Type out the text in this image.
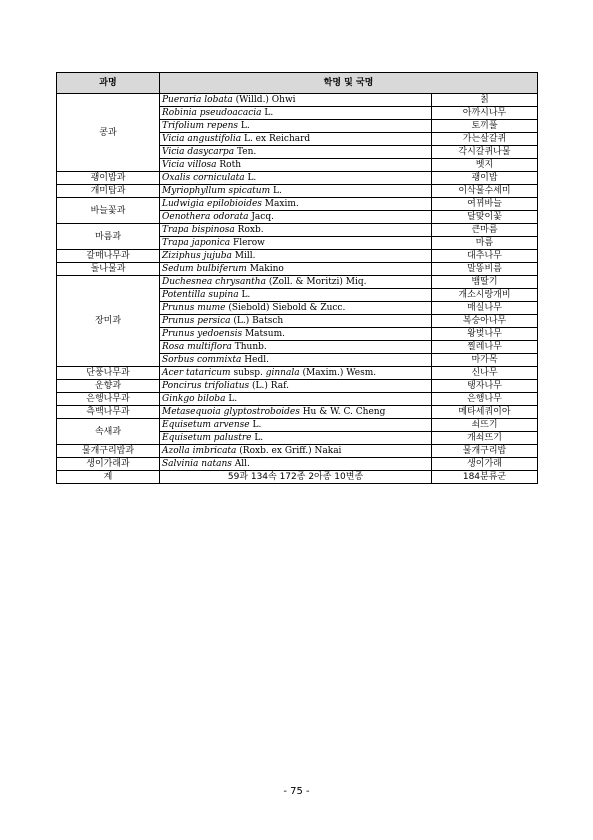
과명	학명 및 국명	
콩과	Pueraria lobata (Willd.) Ohwi	칡
	Robinia pseudoacacia L.	아까시나무
	Trifolium repens L.	토끼풀
	Vicia angustifolia L. ex Reichard	가는살갈퀴
	Vicia dasycarpa Ten.	각시갈퀴나물
	Vicia villosa Roth	벳지
괭이밥과	Oxalis corniculata L.	괭이밥
개미탑과	Myriophyllum spicatum L.	이삭물수세미
바늘꽃과	Ludwigia epilobioides Maxim.	여뀌바늘
	Oenothera odorata Jacq.	달맞이꽃
마름과	Trapa bispinosa Roxb.	큰마름
	Trapa japonica Flerow	마름
갈매나무과	Ziziphus jujuba Mill.	대추나무
돌나물과	Sedum bulbiferum Makino	말똥비름
장미과	Duchesnea chrysantha (Zoll. & Moritzi) Miq.	뱀딸기
	Potentilla supina L.	개소시랑개비
	Prunus mume (Siebold) Siebold & Zucc.	매실나무
	Prunus persica (L.) Batsch	복숭아나무
	Prunus yedoensis Matsum.	왕벚나무
	Rosa multiflora Thunb.	찔레나무
	Sorbus commixta Hedl.	마가목
단풍나무과	Acer tataricum subsp. ginnala (Maxim.) Wesm.	신나무
운향과	Poncirus trifoliatus (L.) Raf.	탱자나무
은행나무과	Ginkgo biloba L.	은행나무
측백나무과	Metasequoia glyptostroboides Hu & W. C. Cheng	메타세쿼이아
속새과	Equisetum arvense L.	쇠뜨기
	Equisetum palustre L.	개쇠뜨기
물개구리밥과	Azolla imbricata (Roxb. ex Griff.) Nakai	물개구리밥
생이가래과	Salvinia natans All.	생이가래
계	59과 134속 172종 2아종 10변종	184분류군
- 75 -
